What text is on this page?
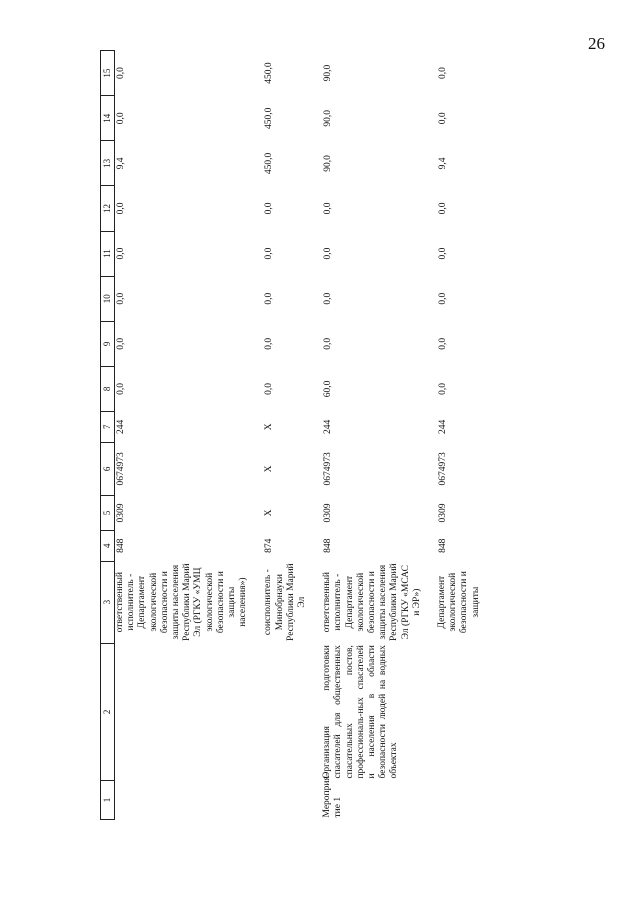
26
1	2	3	4	5	6	7	8	9	10	11	12	13	14	15
		ответственный исполнитель - Департамент экологической безопасности и защиты населения Республики Марий Эл (РГКУ «УМЦ экологической безопасности и защиты населения»)	848	0309	0674973	244	0,0	0,0	0,0	0,0	0,0	9,4	0,0	0,0

		соисполнитель - Минобрнауки Республики Марий Эл	874	X	X	X	0,0	0,0	0,0	0,0	0,0	450,0	450,0	450,0

Мероприя-тие 1	Организация подготовки спасателей для общественных спасательных постов, профессиональ-ных спасателей и населения в области безопасности людей на водных объектах	ответственный исполнитель - Департамент экологической безопасности и защиты населения Республики Марий Эл (РГКУ «МСАС и ЭР»)	848	0309	0674973	244	60,0	0,0	0,0	0,0	0,0	90,0	90,0	90,0

		Департамент экологической безопасности и защиты	848	0309	0674973	244	0,0	0,0	0,0	0,0	0,0	9,4	0,0	0,0
